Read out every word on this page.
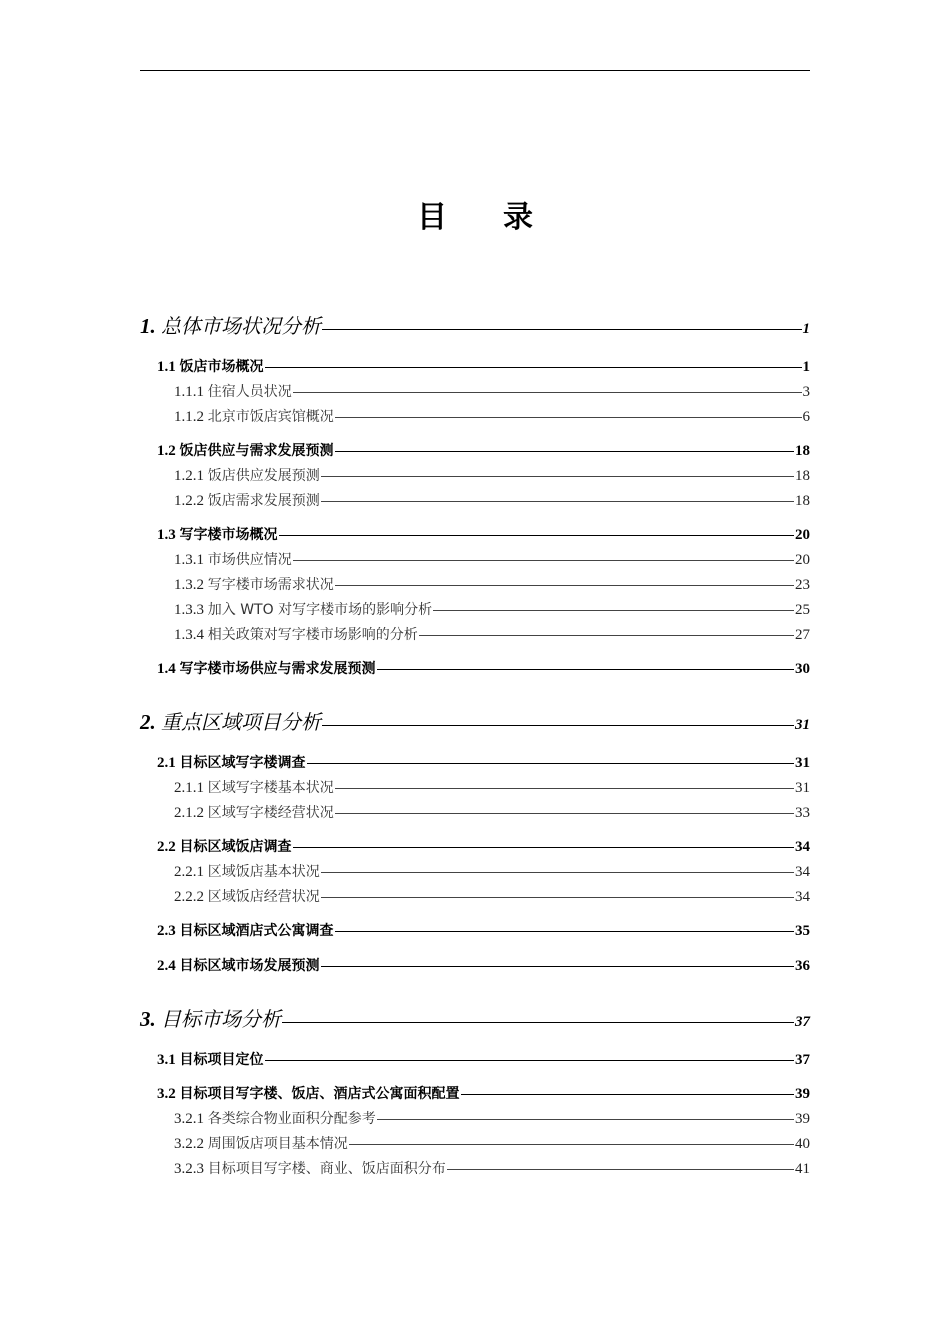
目 录
1. 总体市场状况分析	1
1.1 饭店市场概况	1
1.1.1 住宿人员状况	3
1.1.2 北京市饭店宾馆概况	6
1.2 饭店供应与需求发展预测	18
1.2.1 饭店供应发展预测	18
1.2.2 饭店需求发展预测	18
1.3 写字楼市场概况	20
1.3.1 市场供应情况	20
1.3.2 写字楼市场需求状况	23
1.3.3 加入 WTO 对写字楼市场的影响分析	25
1.3.4 相关政策对写字楼市场影响的分析	27
1.4 写字楼市场供应与需求发展预测	30
2. 重点区域项目分析	31
2.1 目标区域写字楼调查	31
2.1.1 区域写字楼基本状况	31
2.1.2 区域写字楼经营状况	33
2.2 目标区域饭店调查	34
2.2.1 区域饭店基本状况	34
2.2.2 区域饭店经营状况	34
2.3 目标区域酒店式公寓调查	35
2.4 目标区域市场发展预测	36
3. 目标市场分析	37
3.1 目标项目定位	37
3.2 目标项目写字楼、饭店、酒店式公寓面积配置	39
3.2.1 各类综合物业面积分配参考	39
3.2.2 周围饭店项目基本情况	40
3.2.3 目标项目写字楼、商业、饭店面积分布	41
